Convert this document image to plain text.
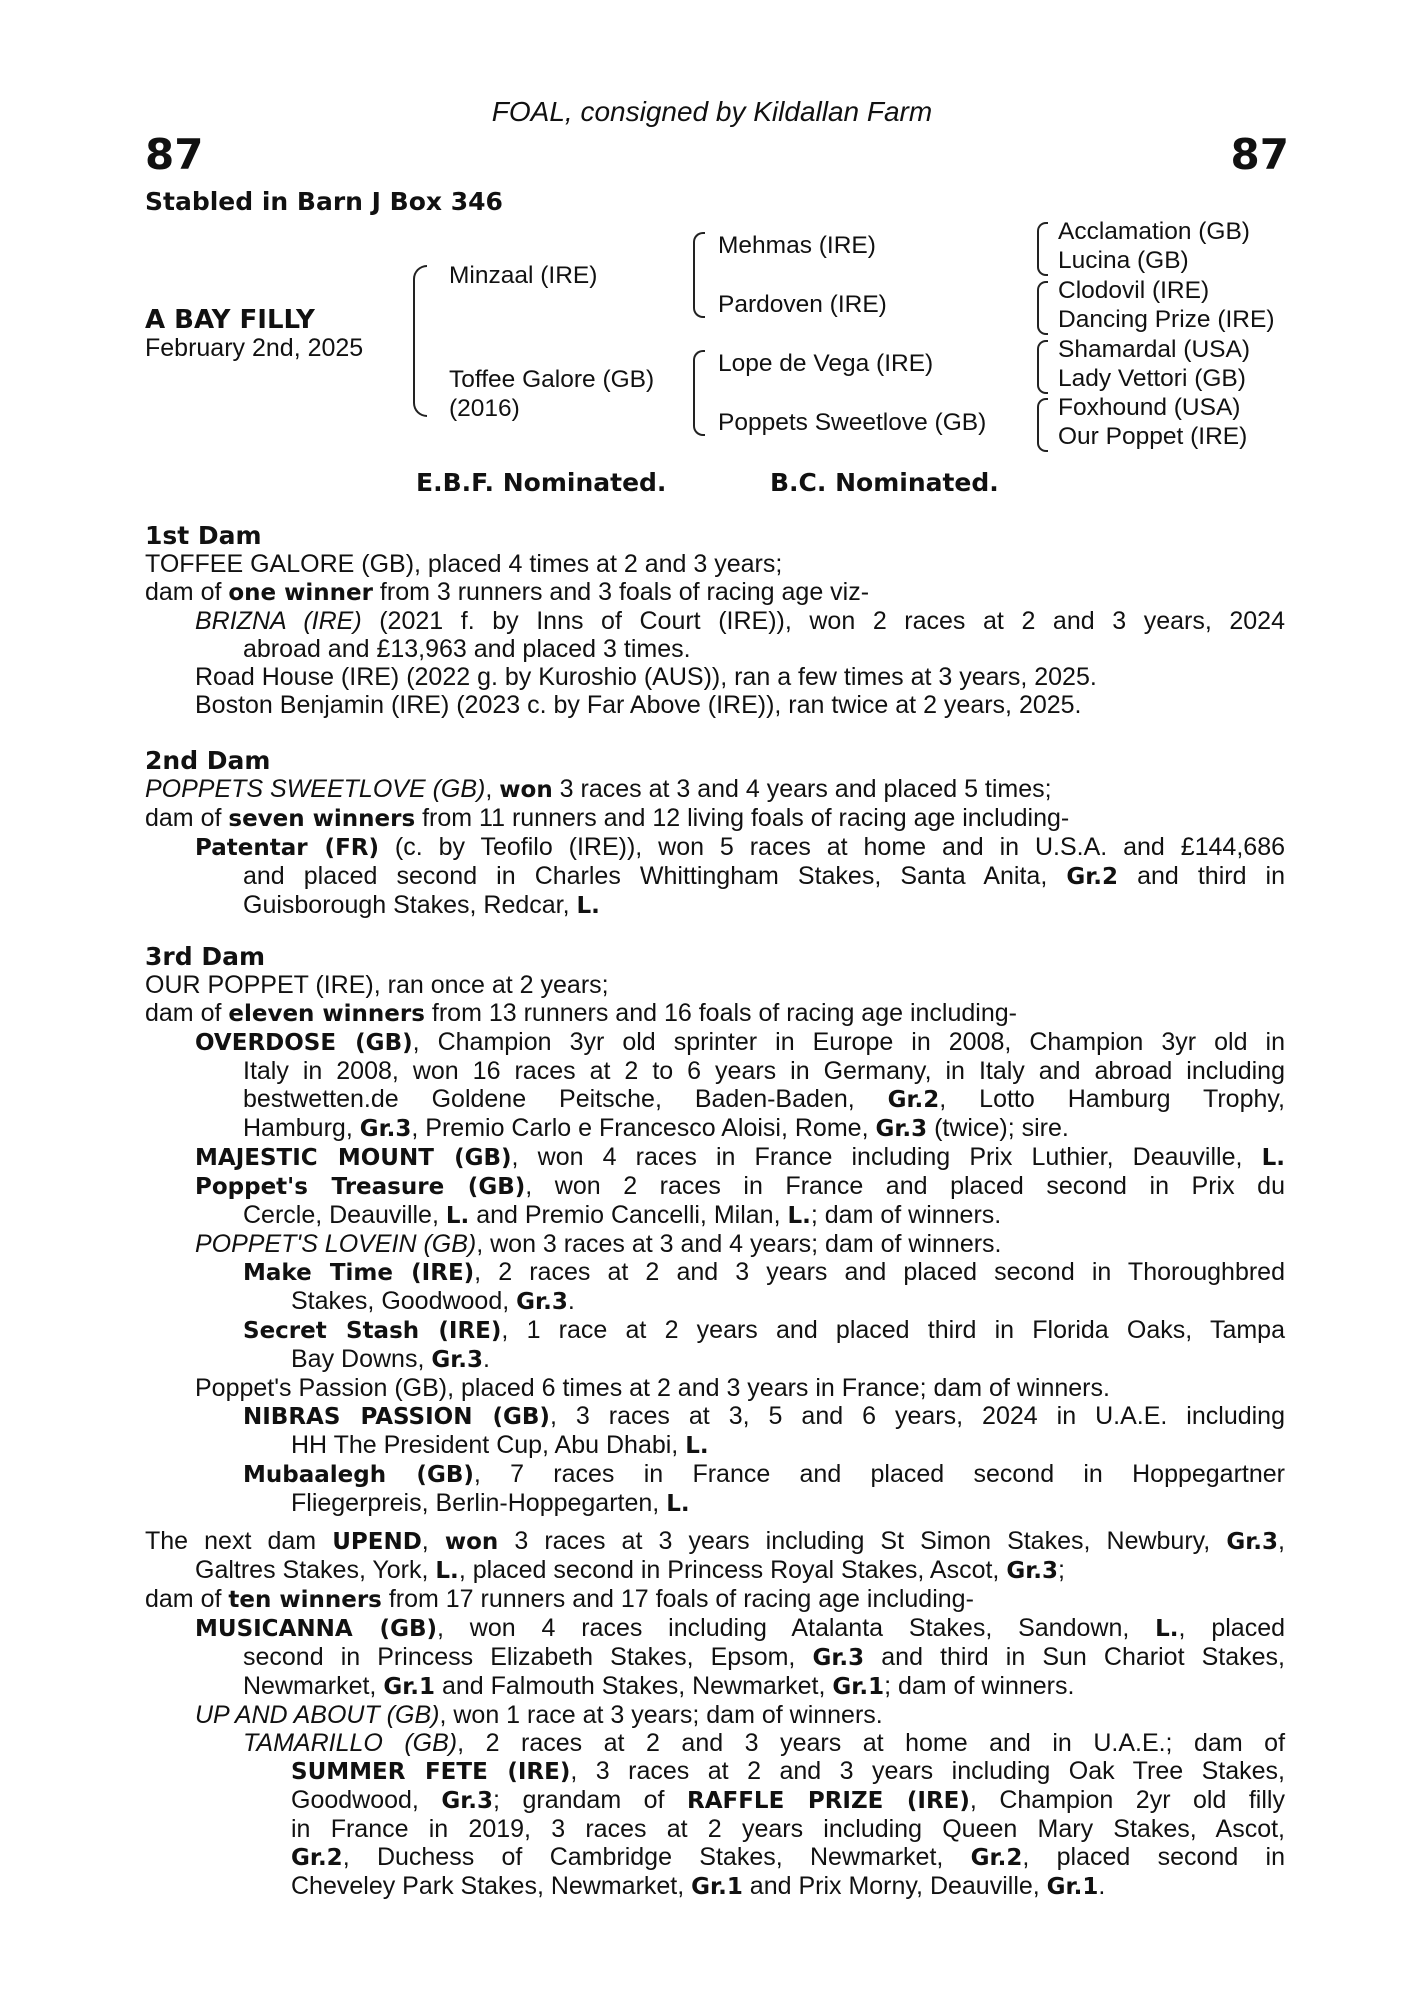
FOAL, consigned by Kildallan Farm
87	87
Stabled in Barn J Box 346
A BAY FILLY
February 2nd, 2025
Minzaal (IRE)
Toffee Galore (GB)
(2016)
Mehmas (IRE)
Pardoven (IRE)
Lope de Vega (IRE)
Poppets Sweetlove (GB)
Acclamation (GB)
Lucina (GB)
Clodovil (IRE)
Dancing Prize (IRE)
Shamardal (USA)
Lady Vettori (GB)
Foxhound (USA)
Our Poppet (IRE)
E.B.F. Nominated.	B.C. Nominated.
1st Dam
TOFFEE GALORE (GB), placed 4 times at 2 and 3 years;
dam of one winner from 3 runners and 3 foals of racing age viz-
BRIZNA (IRE) (2021 f. by Inns of Court (IRE)), won 2 races at 2 and 3 years, 2024
abroad and £13,963 and placed 3 times.
Road House (IRE) (2022 g. by Kuroshio (AUS)), ran a few times at 3 years, 2025.
Boston Benjamin (IRE) (2023 c. by Far Above (IRE)), ran twice at 2 years, 2025.
2nd Dam
POPPETS SWEETLOVE (GB), won 3 races at 3 and 4 years and placed 5 times;
dam of seven winners from 11 runners and 12 living foals of racing age including-
Patentar (FR) (c. by Teofilo (IRE)), won 5 races at home and in U.S.A. and £144,686
and placed second in Charles Whittingham Stakes, Santa Anita, Gr.2 and third in
Guisborough Stakes, Redcar, L.
3rd Dam
OUR POPPET (IRE), ran once at 2 years;
dam of eleven winners from 13 runners and 16 foals of racing age including-
OVERDOSE (GB), Champion 3yr old sprinter in Europe in 2008, Champion 3yr old in
Italy in 2008, won 16 races at 2 to 6 years in Germany, in Italy and abroad including
bestwetten.de Goldene Peitsche, Baden-Baden, Gr.2, Lotto Hamburg Trophy,
Hamburg, Gr.3, Premio Carlo e Francesco Aloisi, Rome, Gr.3 (twice); sire.
MAJESTIC MOUNT (GB), won 4 races in France including Prix Luthier, Deauville, L.
Poppet's Treasure (GB), won 2 races in France and placed second in Prix du
Cercle, Deauville, L. and Premio Cancelli, Milan, L.; dam of winners.
POPPET'S LOVEIN (GB), won 3 races at 3 and 4 years; dam of winners.
Make Time (IRE), 2 races at 2 and 3 years and placed second in Thoroughbred
Stakes, Goodwood, Gr.3.
Secret Stash (IRE), 1 race at 2 years and placed third in Florida Oaks, Tampa
Bay Downs, Gr.3.
Poppet's Passion (GB), placed 6 times at 2 and 3 years in France; dam of winners.
NIBRAS PASSION (GB), 3 races at 3, 5 and 6 years, 2024 in U.A.E. including
HH The President Cup, Abu Dhabi, L.
Mubaalegh (GB), 7 races in France and placed second in Hoppegartner
Fliegerpreis, Berlin-Hoppegarten, L.
The next dam UPEND, won 3 races at 3 years including St Simon Stakes, Newbury, Gr.3,
Galtres Stakes, York, L., placed second in Princess Royal Stakes, Ascot, Gr.3;
dam of ten winners from 17 runners and 17 foals of racing age including-
MUSICANNA (GB), won 4 races including Atalanta Stakes, Sandown, L., placed
second in Princess Elizabeth Stakes, Epsom, Gr.3 and third in Sun Chariot Stakes,
Newmarket, Gr.1 and Falmouth Stakes, Newmarket, Gr.1; dam of winners.
UP AND ABOUT (GB), won 1 race at 3 years; dam of winners.
TAMARILLO (GB), 2 races at 2 and 3 years at home and in U.A.E.; dam of
SUMMER FETE (IRE), 3 races at 2 and 3 years including Oak Tree Stakes,
Goodwood, Gr.3; grandam of RAFFLE PRIZE (IRE), Champion 2yr old filly
in France in 2019, 3 races at 2 years including Queen Mary Stakes, Ascot,
Gr.2, Duchess of Cambridge Stakes, Newmarket, Gr.2, placed second in
Cheveley Park Stakes, Newmarket, Gr.1 and Prix Morny, Deauville, Gr.1.
